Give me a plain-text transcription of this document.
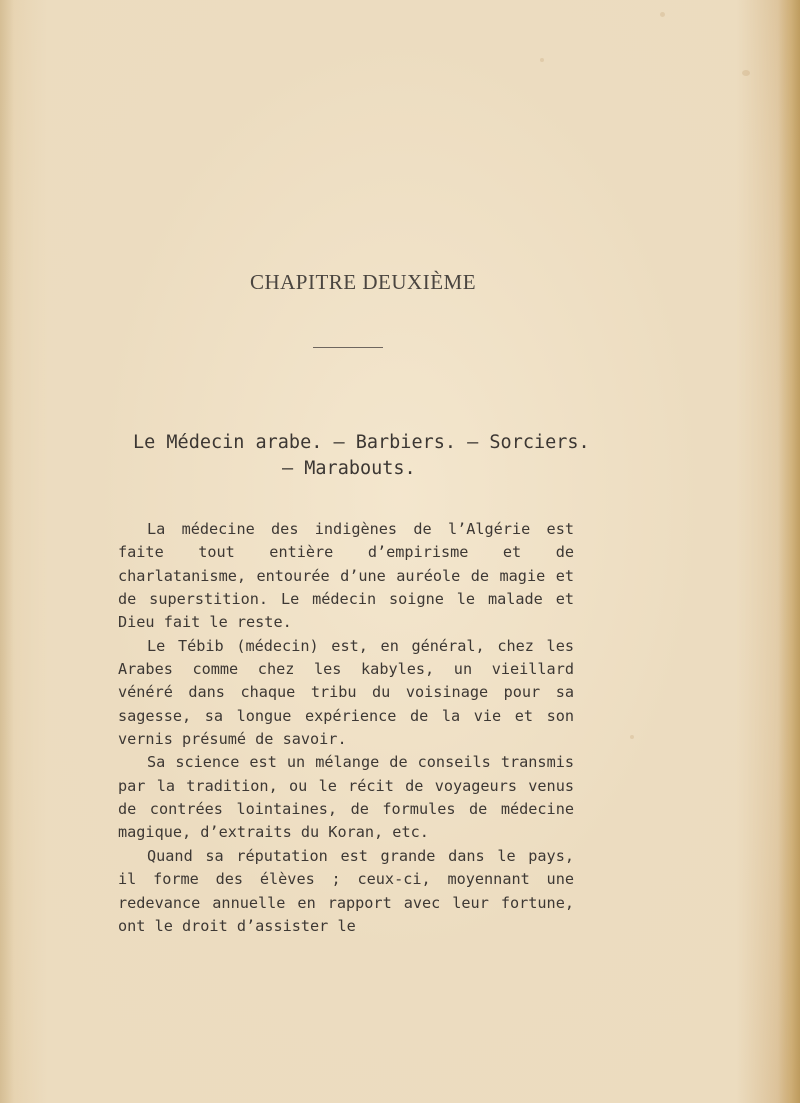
CHAPITRE DEUXIÈME
Le Médecin arabe. — Barbiers. — Sorciers.
— Marabouts.

La médecine des indigènes de l’Algérie est faite tout entière d’empirisme et de charlatanisme, entourée d’une auréole de magie et de superstition. Le médecin soigne le malade et Dieu fait le reste.

Le Tébib (médecin) est, en général, chez les Arabes comme chez les kabyles, un vieillard vénéré dans chaque tribu du voisinage pour sa sagesse, sa longue expérience de la vie et son vernis présumé de savoir.

Sa science est un mélange de conseils transmis par la tradition, ou le récit de voyageurs venus de contrées lointaines, de formules de médecine magique, d’extraits du Koran, etc.

Quand sa réputation est grande dans le pays, il forme des élèves ; ceux-ci, moyennant une redevance annuelle en rapport avec leur fortune, ont le droit d’assister le
